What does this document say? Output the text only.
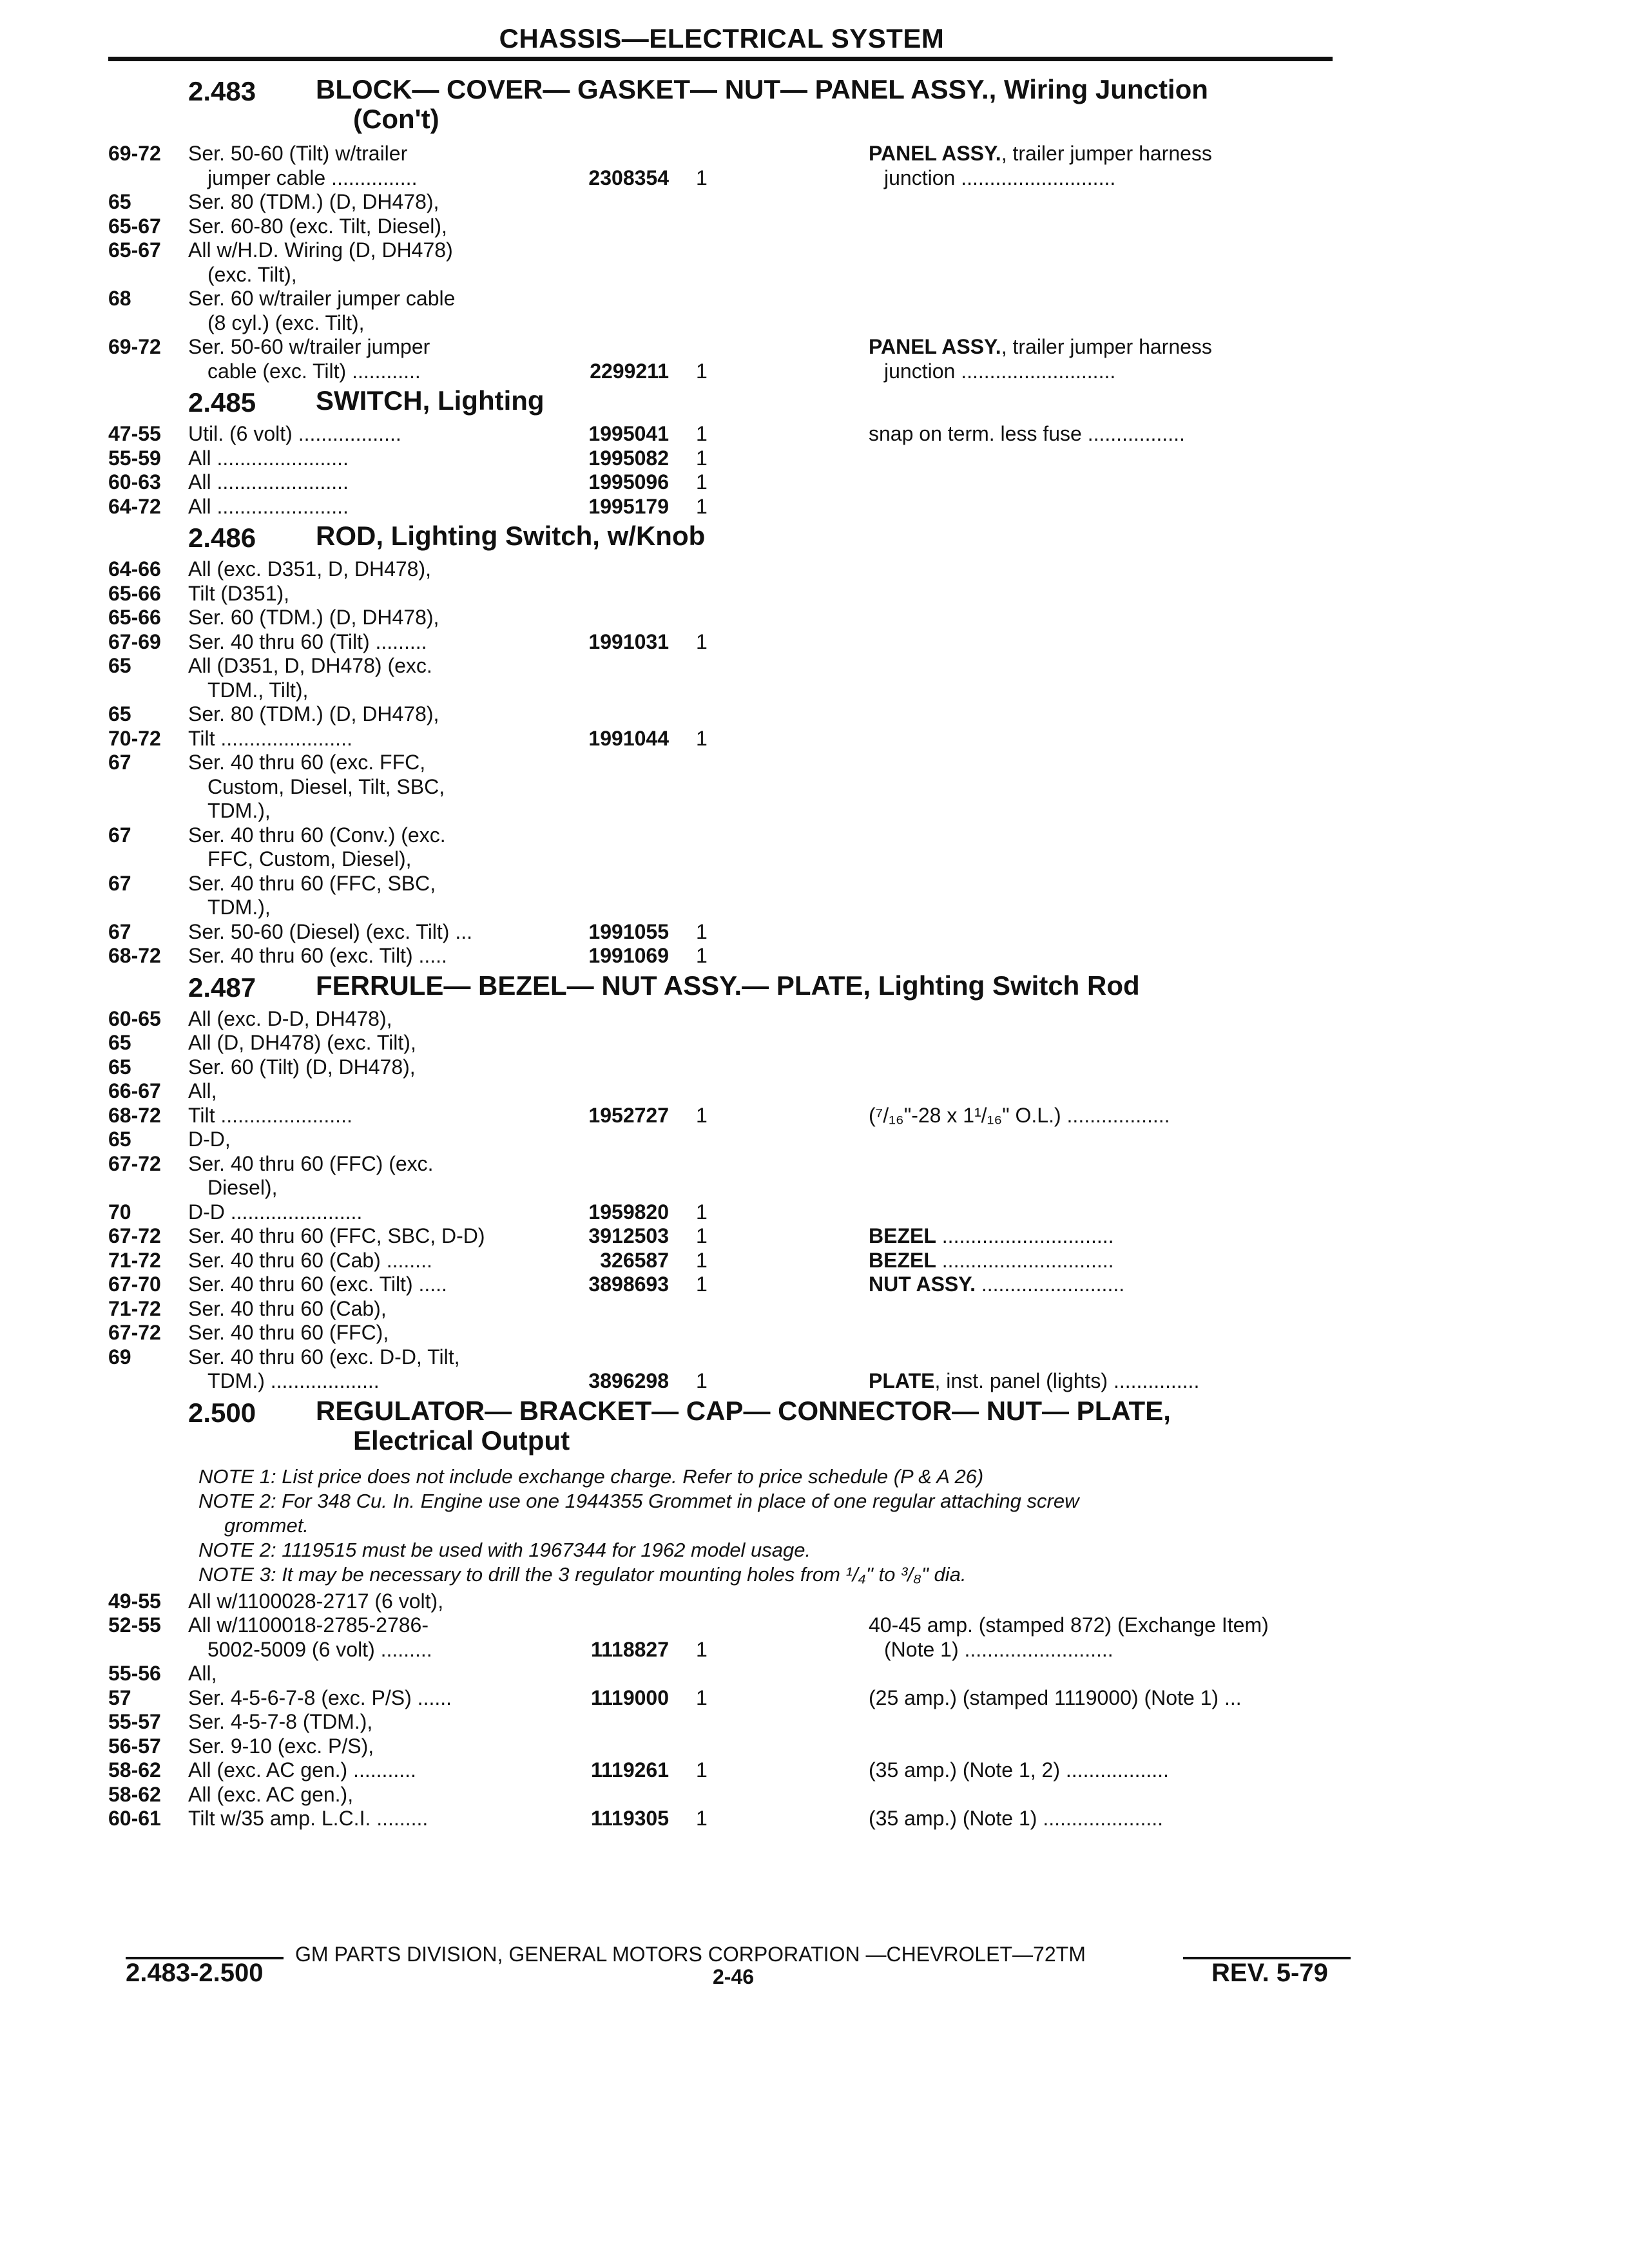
CHASSIS—ELECTRICAL SYSTEM
2.483 BLOCK— COVER— GASKET— NUT— PANEL ASSY., Wiring Junction
(Con't)
69-72 Ser. 50-60 (Tilt) w/trailer	PANEL ASSY., trailer jumper harness
jumper cable ...............	2308354 1	junction ...........................
65	Ser. 80 (TDM.) (D, DH478),
65-67 Ser. 60-80 (exc. Tilt, Diesel),
65-67 All w/H.D. Wiring (D, DH478)
(exc. Tilt),
68	Ser. 60 w/trailer jumper cable
(8 cyl.) (exc. Tilt),
69-72 Ser. 50-60 w/trailer jumper	PANEL ASSY., trailer jumper harness
cable (exc. Tilt) ............	2299211 1	junction ...........................
2.485 SWITCH, Lighting
47-55 Util. (6 volt) ..................	1995041 1	snap on term. less fuse .................
55-59 All .......................	1995082 1
60-63 All .......................	1995096 1
64-72 All .......................	1995179 1
2.486 ROD, Lighting Switch, w/Knob
64-66 All (exc. D351, D, DH478),
65-66 Tilt (D351),
65-66 Ser. 60 (TDM.) (D, DH478),
67-69 Ser. 40 thru 60 (Tilt) .........	1991031 1
65	All (D351, D, DH478) (exc.
TDM., Tilt),
65	Ser. 80 (TDM.) (D, DH478),
70-72 Tilt .......................	1991044 1
67	Ser. 40 thru 60 (exc. FFC,
Custom, Diesel, Tilt, SBC,
TDM.),
67	Ser. 40 thru 60 (Conv.) (exc.
FFC, Custom, Diesel),
67	Ser. 40 thru 60 (FFC, SBC,
TDM.),
67	Ser. 50-60 (Diesel) (exc. Tilt) ...	1991055 1
68-72 Ser. 40 thru 60 (exc. Tilt) .....	1991069 1
2.487 FERRULE— BEZEL— NUT ASSY.— PLATE, Lighting Switch Rod
60-65 All (exc. D-D, DH478),
65	All (D, DH478) (exc. Tilt),
65	Ser. 60 (Tilt) (D, DH478),
66-67 All,
68-72 Tilt .......................	1952727 1	(⁷/₁₆"-28 x 1¹/₁₆" O.L.) ..................
65	D-D,
67-72 Ser. 40 thru 60 (FFC) (exc.
Diesel),
70	D-D .......................	1959820 1
67-72 Ser. 40 thru 60 (FFC, SBC, D-D)	3912503 1	BEZEL ..............................
71-72 Ser. 40 thru 60 (Cab) ........	326587 1	BEZEL ..............................
67-70 Ser. 40 thru 60 (exc. Tilt) .....	3898693 1	NUT ASSY. .........................
71-72 Ser. 40 thru 60 (Cab),
67-72 Ser. 40 thru 60 (FFC),
69	Ser. 40 thru 60 (exc. D-D, Tilt,
TDM.) ...................	3896298 1	PLATE, inst. panel (lights) ...............
2.500 REGULATOR— BRACKET— CAP— CONNECTOR— NUT— PLATE,
Electrical Output
NOTE 1: List price does not include exchange charge. Refer to price schedule (P & A 26)
NOTE 2: For 348 Cu. In. Engine use one 1944355 Grommet in place of one regular attaching screw
grommet.
NOTE 2: 1119515 must be used with 1967344 for 1962 model usage.
NOTE 3: It may be necessary to drill the 3 regulator mounting holes from ¹/₄" to ³/₈" dia.
49-55 All w/1100028-2717 (6 volt),
52-55 All w/1100018-2785-2786-	40-45 amp. (stamped 872) (Exchange Item)
5002-5009 (6 volt) .........	1118827 1	(Note 1) ..........................
55-56 All,
57	Ser. 4-5-6-7-8 (exc. P/S) ......	1119000 1	(25 amp.) (stamped 1119000) (Note 1) ...
55-57 Ser. 4-5-7-8 (TDM.),
56-57 Ser. 9-10 (exc. P/S),
58-62 All (exc. AC gen.) ...........	1119261 1	(35 amp.) (Note 1, 2) ..................
58-62 All (exc. AC gen.),
60-61 Tilt w/35 amp. L.C.I. .........	1119305 1	(35 amp.) (Note 1) .....................
GM PARTS DIVISION, GENERAL MOTORS CORPORATION —CHEVROLET—72TM
2.483-2.500	2-46	REV. 5-79
